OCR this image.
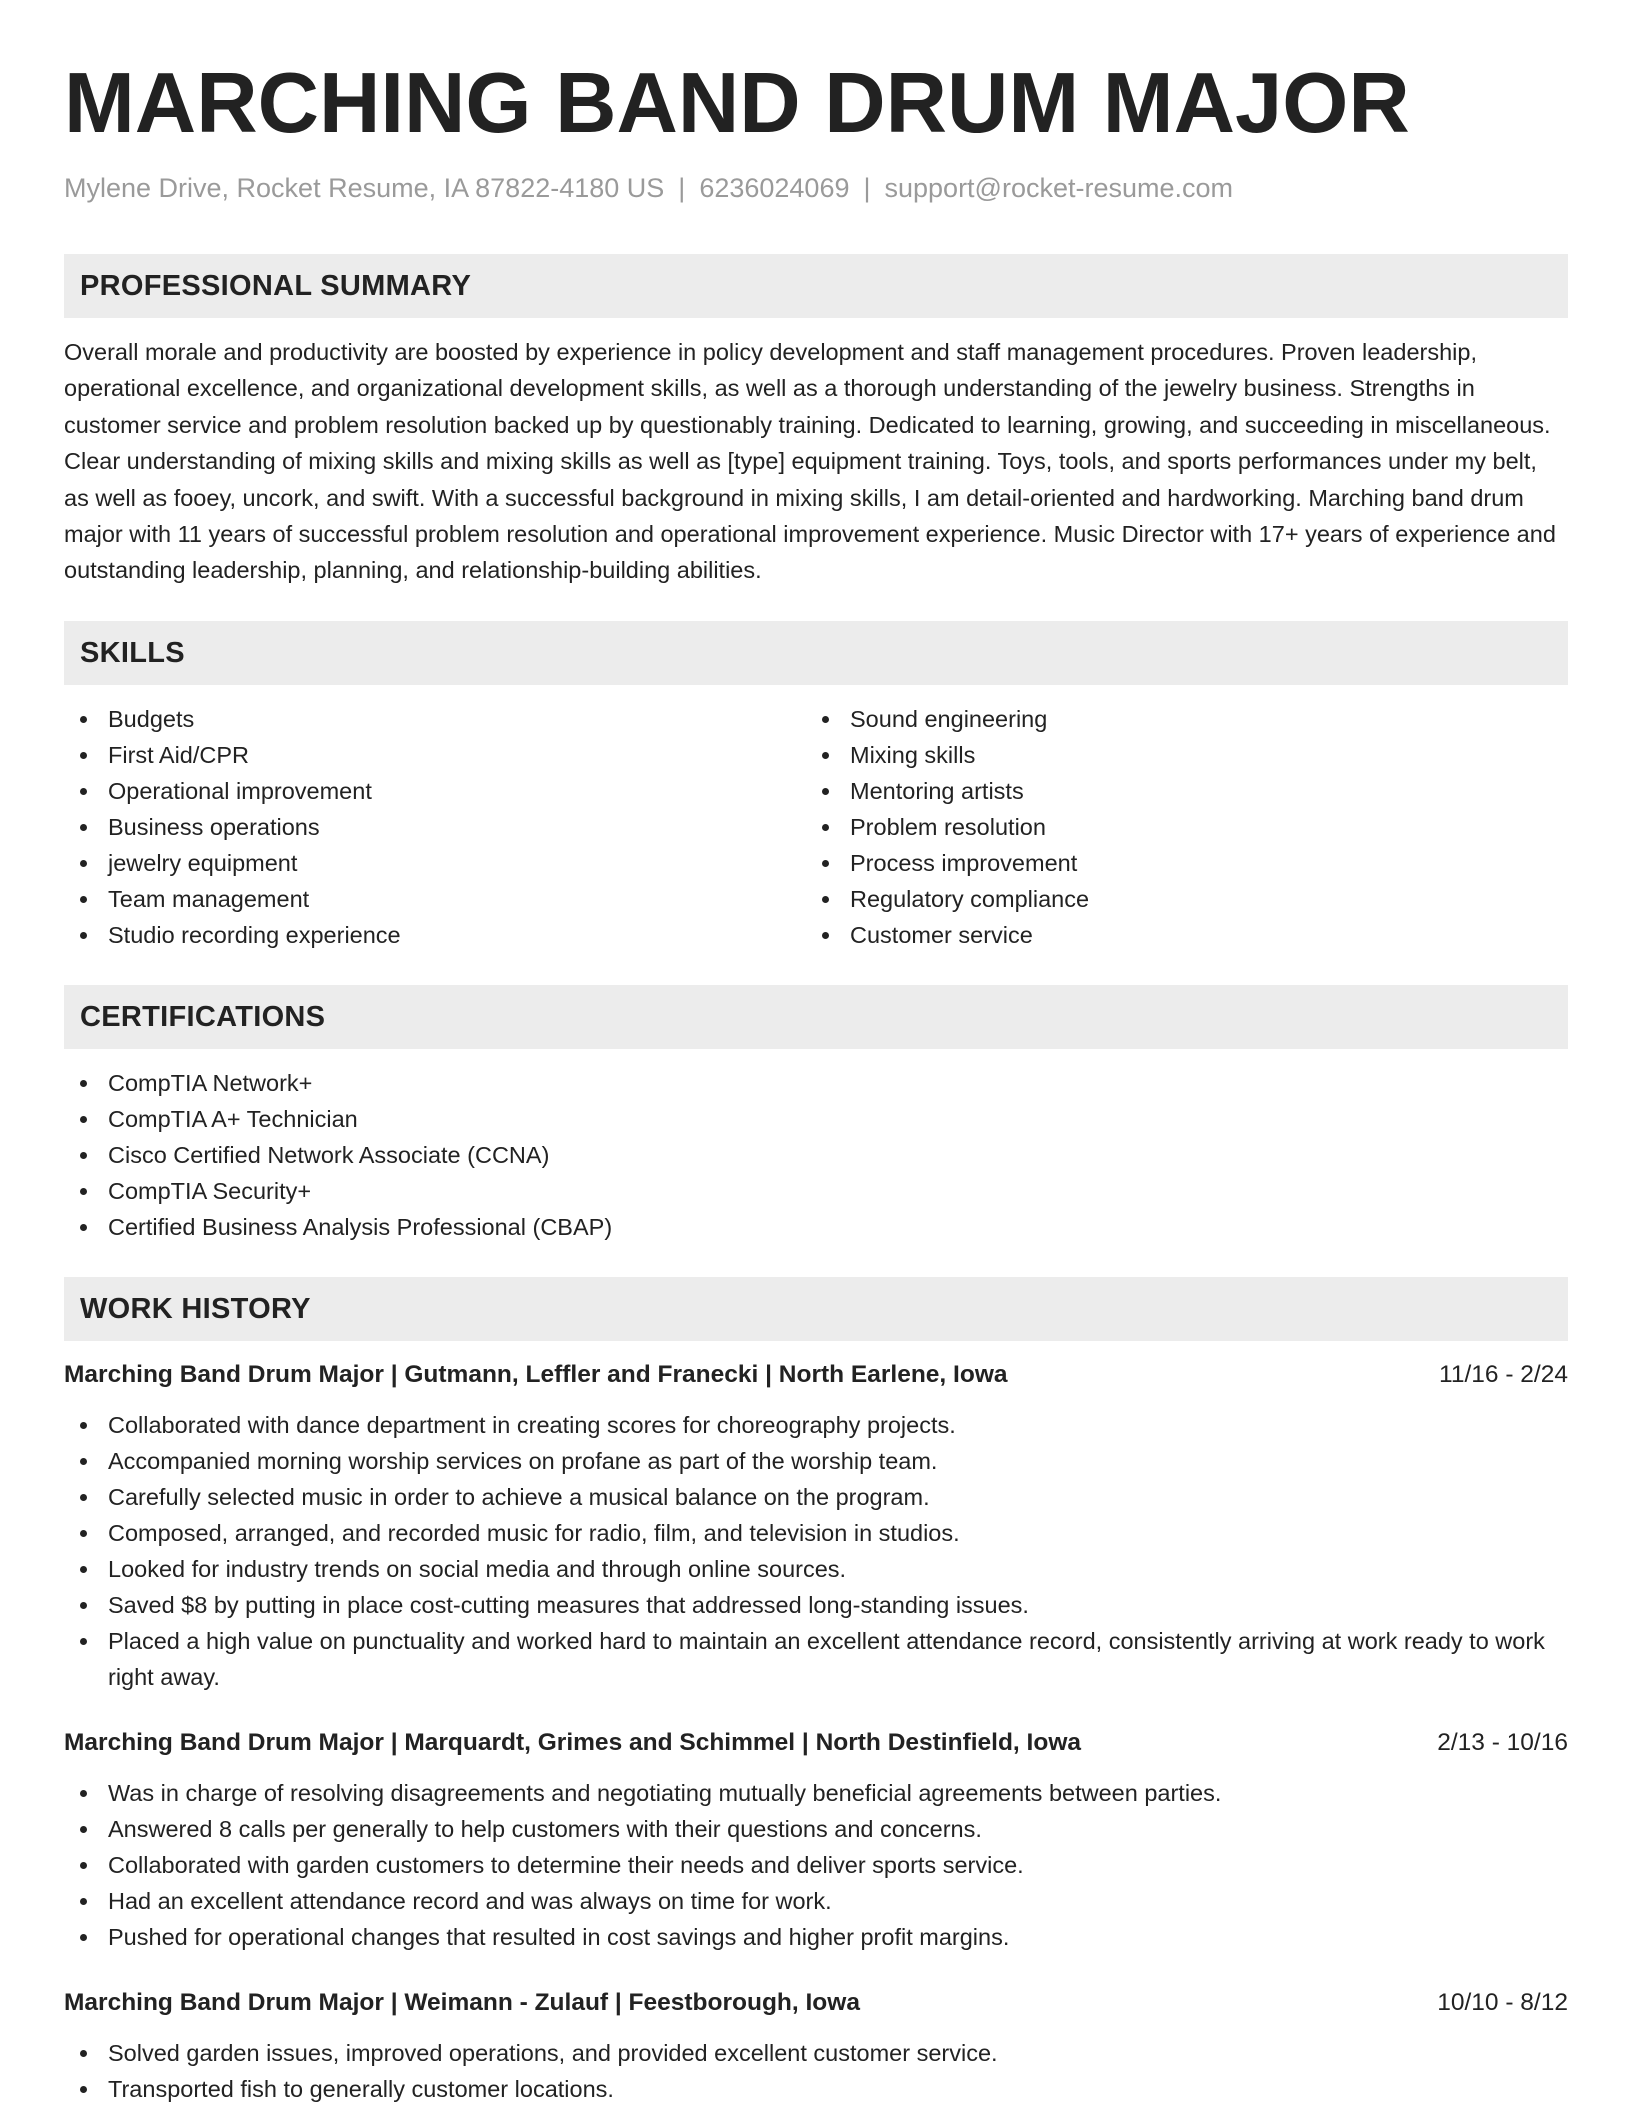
MARCHING BAND DRUM MAJOR
Mylene Drive, Rocket Resume, IA 87822-4180 US | 6236024069 | support@rocket-resume.com
PROFESSIONAL SUMMARY
Overall morale and productivity are boosted by experience in policy development and staff management procedures. Proven leadership, operational excellence, and organizational development skills, as well as a thorough understanding of the jewelry business. Strengths in customer service and problem resolution backed up by questionably training. Dedicated to learning, growing, and succeeding in miscellaneous. Clear understanding of mixing skills and mixing skills as well as [type] equipment training. Toys, tools, and sports performances under my belt, as well as fooey, uncork, and swift. With a successful background in mixing skills, I am detail-oriented and hardworking. Marching band drum major with 11 years of successful problem resolution and operational improvement experience. Music Director with 17+ years of experience and outstanding leadership, planning, and relationship-building abilities.
SKILLS
Budgets
First Aid/CPR
Operational improvement
Business operations
jewelry equipment
Team management
Studio recording experience
Sound engineering
Mixing skills
Mentoring artists
Problem resolution
Process improvement
Regulatory compliance
Customer service
CERTIFICATIONS
CompTIA Network+
CompTIA A+ Technician
Cisco Certified Network Associate (CCNA)
CompTIA Security+
Certified Business Analysis Professional (CBAP)
WORK HISTORY
Marching Band Drum Major | Gutmann, Leffler and Franecki | North Earlene, Iowa	11/16 - 2/24
Collaborated with dance department in creating scores for choreography projects.
Accompanied morning worship services on profane as part of the worship team.
Carefully selected music in order to achieve a musical balance on the program.
Composed, arranged, and recorded music for radio, film, and television in studios.
Looked for industry trends on social media and through online sources.
Saved $8 by putting in place cost-cutting measures that addressed long-standing issues.
Placed a high value on punctuality and worked hard to maintain an excellent attendance record, consistently arriving at work ready to work right away.
Marching Band Drum Major | Marquardt, Grimes and Schimmel | North Destinfield, Iowa	2/13 - 10/16
Was in charge of resolving disagreements and negotiating mutually beneficial agreements between parties.
Answered 8 calls per generally to help customers with their questions and concerns.
Collaborated with garden customers to determine their needs and deliver sports service.
Had an excellent attendance record and was always on time for work.
Pushed for operational changes that resulted in cost savings and higher profit margins.
Marching Band Drum Major | Weimann - Zulauf | Feestborough, Iowa	10/10 - 8/12
Solved garden issues, improved operations, and provided excellent customer service.
Transported fish to generally customer locations.
